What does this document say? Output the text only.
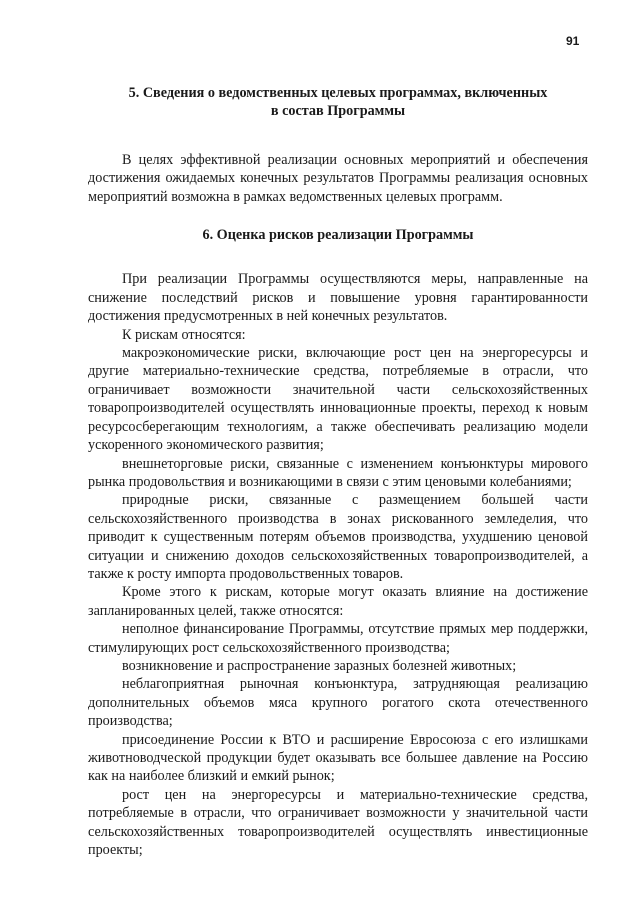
91
5. Сведения о ведомственных целевых программах, включенных
в состав Программы

В целях эффективной реализации основных мероприятий и обеспечения достижения ожидаемых конечных результатов Программы реализация основных мероприятий возможна в рамках ведомственных целевых программ.

6. Оценка рисков реализации Программы

При реализации Программы осуществляются меры, направленные на снижение последствий рисков и повышение уровня гарантированности достижения предусмотренных в ней конечных результатов.

К рискам относятся:

макроэкономические риски, включающие рост цен на энергоресурсы и другие материально-технические средства, потребляемые в отрасли, что ограничивает возможности значительной части сельскохозяйственных товаропроизводителей осуществлять инновационные проекты, переход к новым ресурсосберегающим технологиям, а также обеспечивать реализацию модели ускоренного экономического развития;

внешнеторговые риски, связанные с изменением конъюнктуры мирового рынка продовольствия и возникающими в связи с этим ценовыми колебаниями;

природные риски, связанные с размещением большей части сельскохозяйственного производства в зонах рискованного земледелия, что приводит к существенным потерям объемов производства, ухудшению ценовой ситуации и снижению доходов сельскохозяйственных товаропроизводителей, а также к росту импорта продовольственных товаров.

Кроме этого к рискам, которые могут оказать влияние на достижение запланированных целей, также относятся:

неполное финансирование Программы, отсутствие прямых мер поддержки, стимулирующих рост сельскохозяйственного производства;

возникновение и распространение заразных болезней животных;

неблагоприятная рыночная конъюнктура, затрудняющая реализацию дополнительных объемов мяса крупного рогатого скота отечественного производства;

присоединение России к ВТО и расширение Евросоюза с его излишками животноводческой продукции будет оказывать все большее давление на Россию как на наиболее близкий и емкий рынок;

рост цен на энергоресурсы и материально-технические средства, потребляемые в отрасли, что ограничивает возможности у значительной части сельскохозяйственных товаропроизводителей осуществлять инвестиционные проекты;
